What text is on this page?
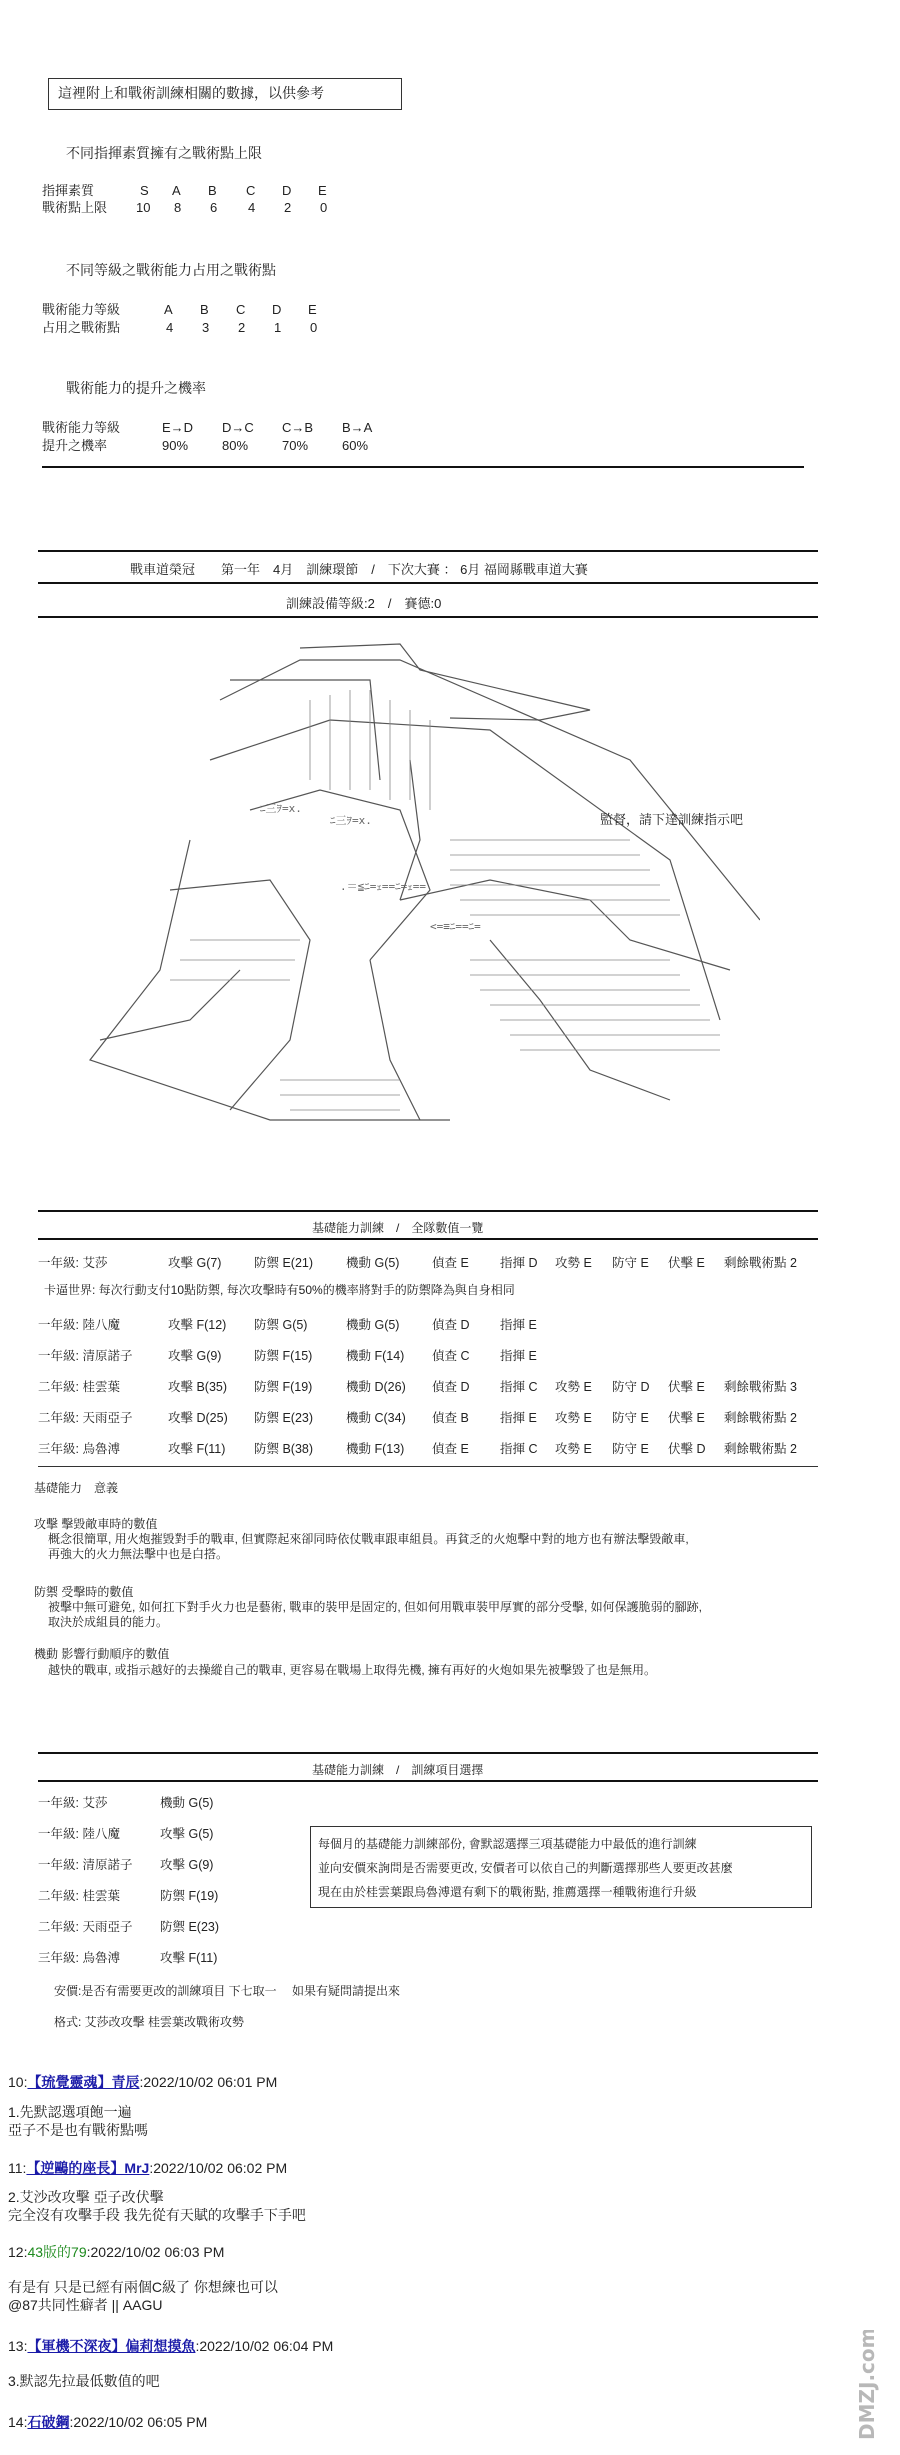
這裡附上和戰術訓練相關的數據，以供參考
不同指揮素質擁有之戰術點上限
指揮素質	S A B C D E
戰術點上限 10 8 6 4 2 0
不同等級之戰術能力占用之戰術點
戰術能力等級	A B C D E
占用之戰術點	4 3 2 1 0
戰術能力的提升之機率
戰術能力等級	E→D D→C C→B B→A
提升之機率	90%	80%	70%	60%
戰車道榮冠　　第一年　4月　訓練環節　/　下次大賽 ： 6月 福岡縣戰車道大賽
訓練設備等級:2　/　賽德:0
ﾆ三ｦ=x.
ﾆ三ｦ=x.
.＝≦ﾆ=ｪ==ﾆ=ｪ==
<=≡ﾆ==ﾆ=
監督，請下達訓練指示吧
基礎能力訓練　/　全隊數值一覽
一年級: 艾莎	攻擊 G(7)	防禦 E(21)	機動 G(5)	偵查 E 指揮 D 攻勢 E 防守 E 伏擊 E 剩餘戰術點 2
卡逼世界: 每次行動支付10點防禦, 每次攻擊時有50%的機率將對手的防禦降為與自身相同
一年級: 陸八魔	攻擊 F(12) 防禦 G(5)	機動 G(5)	偵查 D 指揮 E
一年級: 清原諾子	攻擊 G(9)	防禦 F(15)	機動 F(14) 偵查 C 指揮 E
二年級: 桂雲葉	攻擊 B(35) 防禦 F(19)	機動 D(26) 偵查 D 指揮 C 攻勢 E 防守 D 伏擊 E 剩餘戰術點 3
二年級: 天雨亞子	攻擊 D(25) 防禦 E(23)	機動 C(34) 偵查 B 指揮 E 攻勢 E 防守 E 伏擊 E 剩餘戰術點 2
三年級: 烏魯溥	攻擊 F(11) 防禦 B(38)	機動 F(13) 偵查 E 指揮 C 攻勢 E 防守 E 伏擊 D 剩餘戰術點 2
基礎能力　意義
攻擊 擊毀敵車時的數值
概念很簡單, 用火炮摧毀對手的戰車, 但實際起來卻同時依仗戰車跟車組員。再貧乏的火炮擊中對的地方也有辦法擊毀敵車,
再強大的火力無法擊中也是白搭。
防禦 受擊時的數值
被擊中無可避免, 如何扛下對手火力也是藝術, 戰車的裝甲是固定的, 但如何用戰車裝甲厚實的部分受擊, 如何保護脆弱的腳跡,
取決於成組員的能力。
機動 影響行動順序的數值
越快的戰車, 或指示越好的去操縱自己的戰車, 更容易在戰場上取得先機, 擁有再好的火炮如果先被擊毀了也是無用。
基礎能力訓練　/　訓練項目選擇
一年級: 艾莎	機動 G(5)
一年級: 陸八魔	攻擊 G(5)
一年級: 清原諾子 攻擊 G(9)
二年級: 桂雲葉	防禦 F(19)
二年級: 天雨亞子 防禦 E(23)
三年級: 烏魯溥	攻擊 F(11)
每個月的基礎能力訓練部份, 會默認選擇三項基礎能力中最低的進行訓練
並向安價來詢問是否需要更改, 安價者可以依自己的判斷選擇那些人要更改甚麼
現在由於桂雲葉跟烏魯溥還有剩下的戰術點, 推薦選擇一種戰術進行升級
安價:是否有需要更改的訓練項目 下七取一　 如果有疑問請提出來
格式: 艾莎改攻擊 桂雲葉改戰術攻勢
10:【琉覺靈魂】青辰:2022/10/02 06:01 PM
1.先默認選項飽一遍
亞子不是也有戰術點嗎
11:【逆鷗的座長】MrJ:2022/10/02 06:02 PM
2.艾沙改攻擊 亞子改伏擊
完全沒有攻擊手段 我先從有天賦的攻擊手下手吧
12:43版的79:2022/10/02 06:03 PM
有是有 只是已經有兩個C級了 你想練也可以
@87共同性癖者 || AAGU
13:【軍機不深夜】偏莉想摸魚:2022/10/02 06:04 PM
3.默認先拉最低數值的吧
14:石破鋼:2022/10/02 06:05 PM	DMZJ.com
